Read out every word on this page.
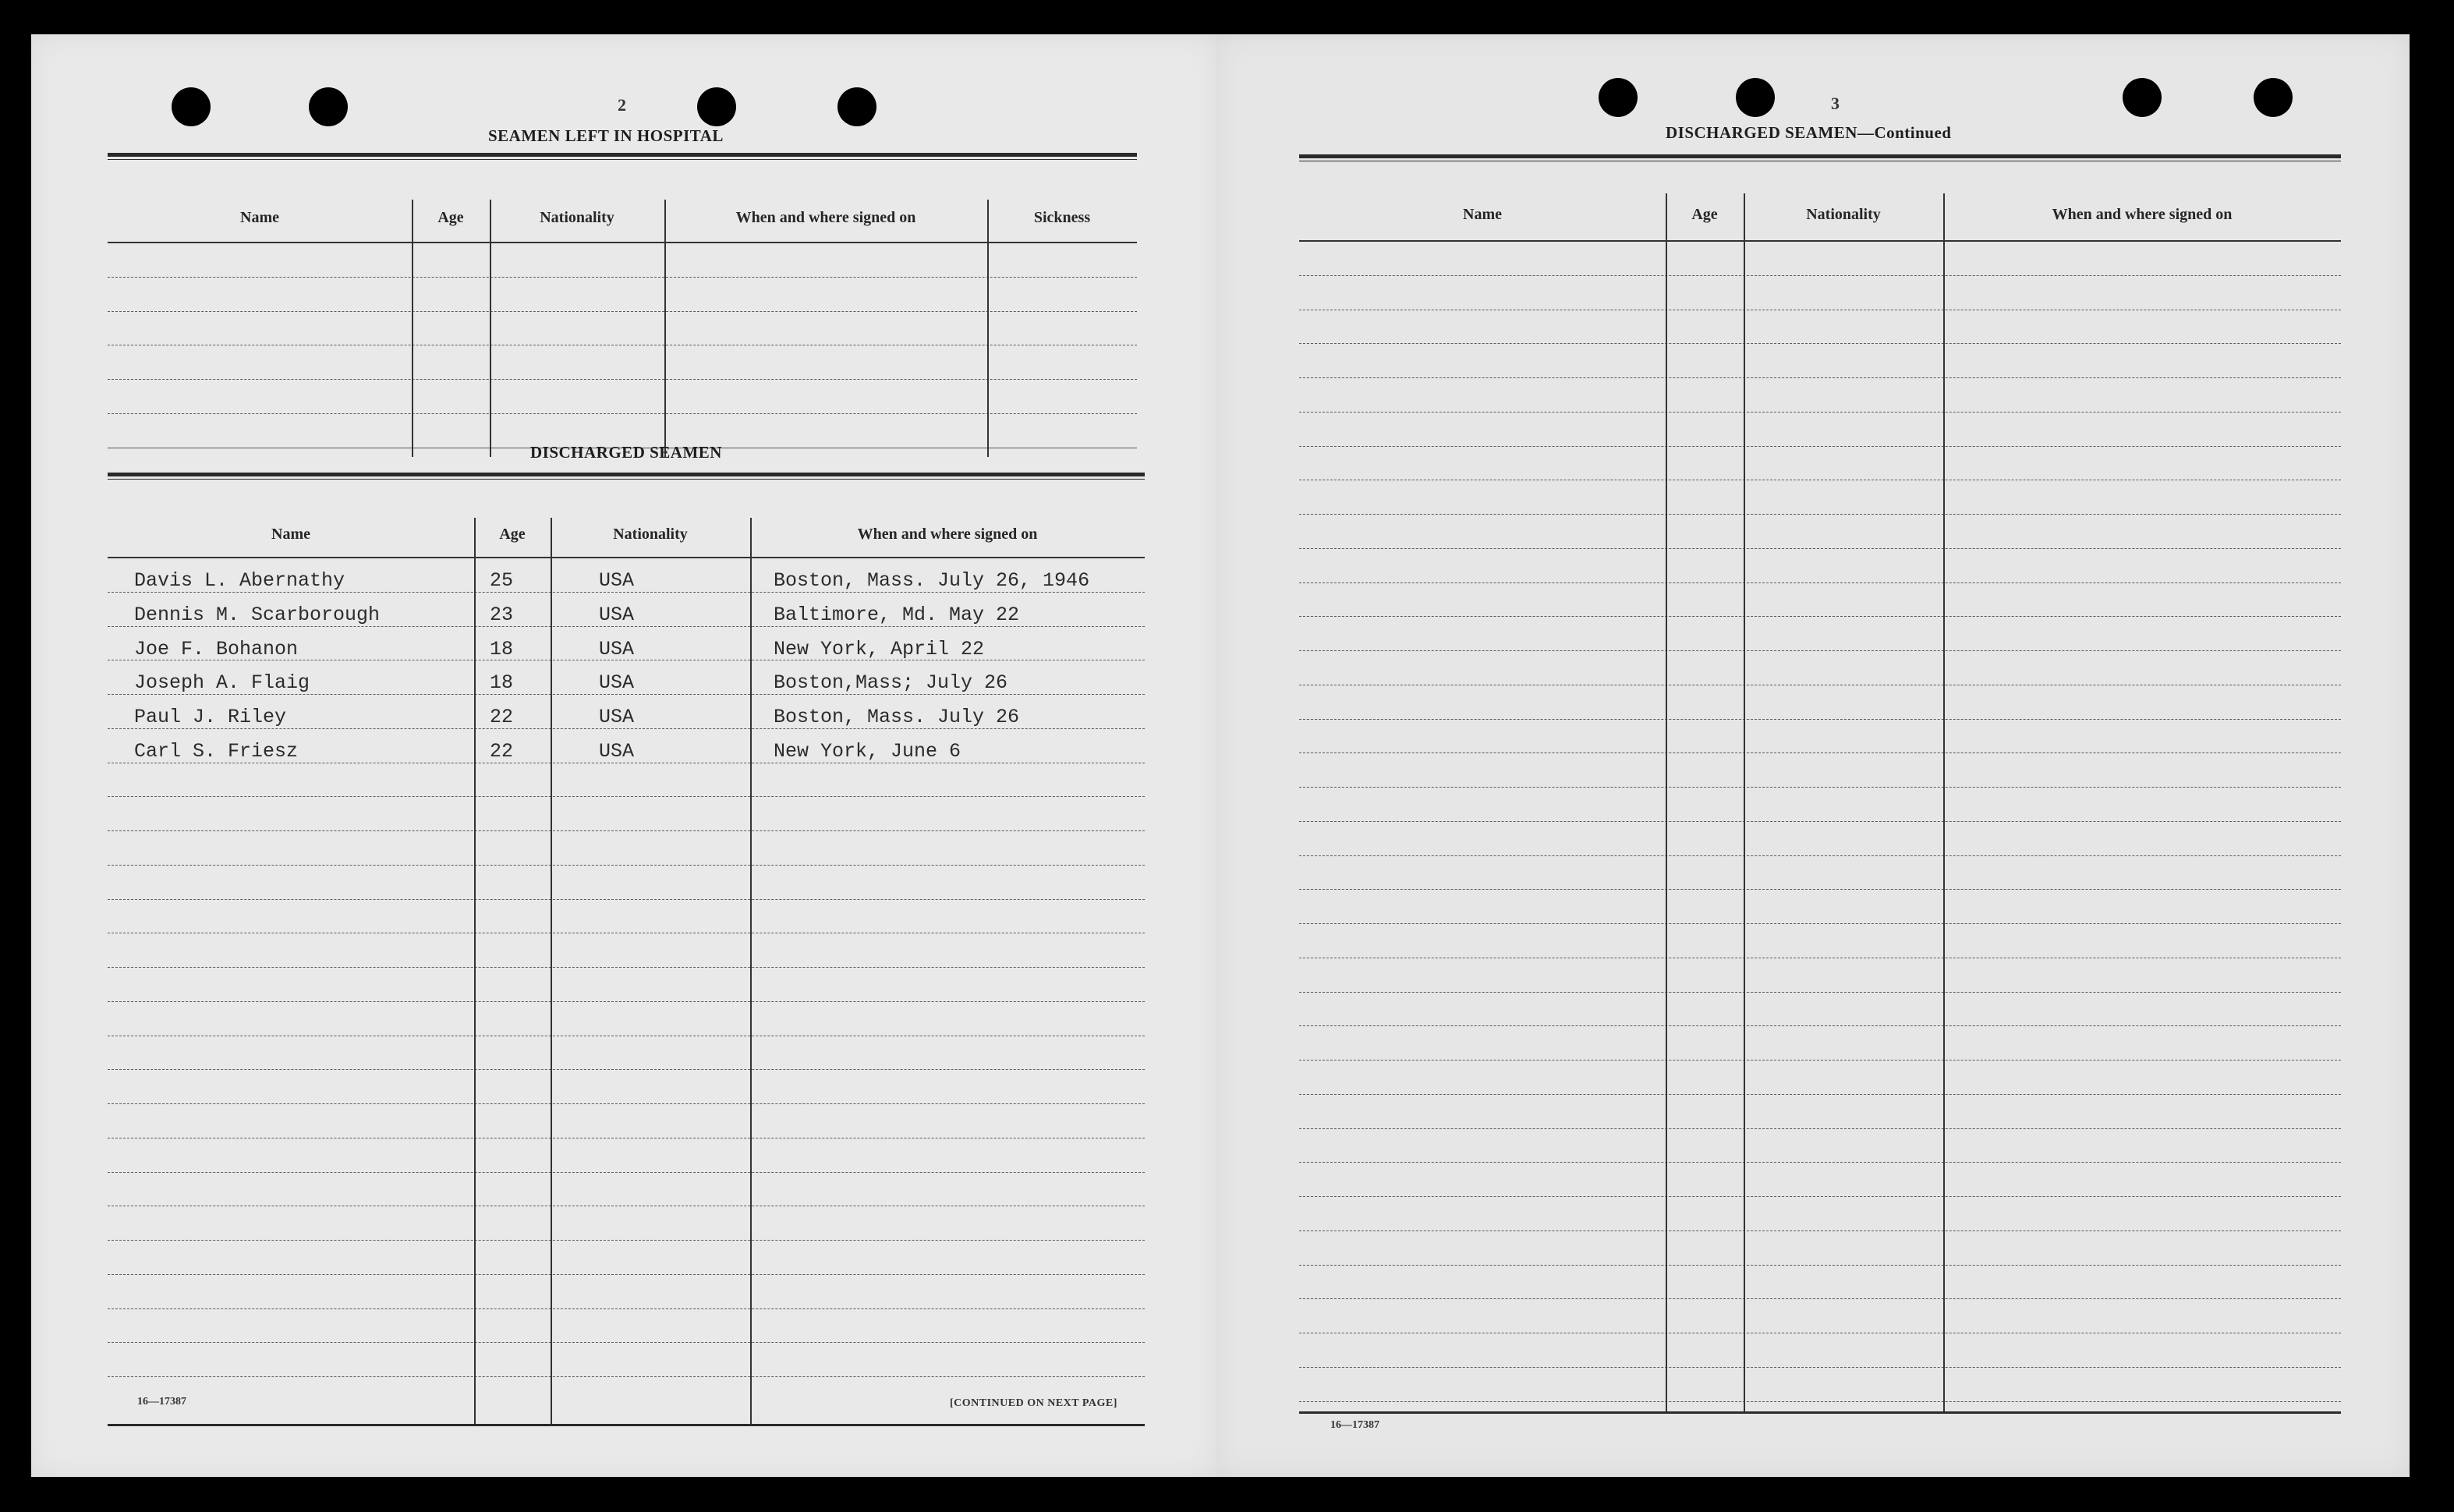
2
SEAMEN LEFT IN HOSPITAL
Name	Age	Nationality	When and where signed on	Sickness
DISCHARGED SEAMEN
Name	Age	Nationality	When and where signed on
Davis L. Abernathy	25	USA	Boston, Mass. July 26, 1946
Dennis M. Scarborough	23	USA	Baltimore, Md. May 22
Joe F. Bohanon	18	USA	New York, April 22
Joseph A. Flaig	18	USA	Boston,Mass; July 26
Paul J. Riley	22	USA	Boston, Mass. July 26
Carl S. Friesz	22	USA	New York, June 6
16—17387	[CONTINUED ON NEXT PAGE]
3
DISCHARGED SEAMEN—Continued
Name	Age	Nationality	When and where signed on
16—17387
